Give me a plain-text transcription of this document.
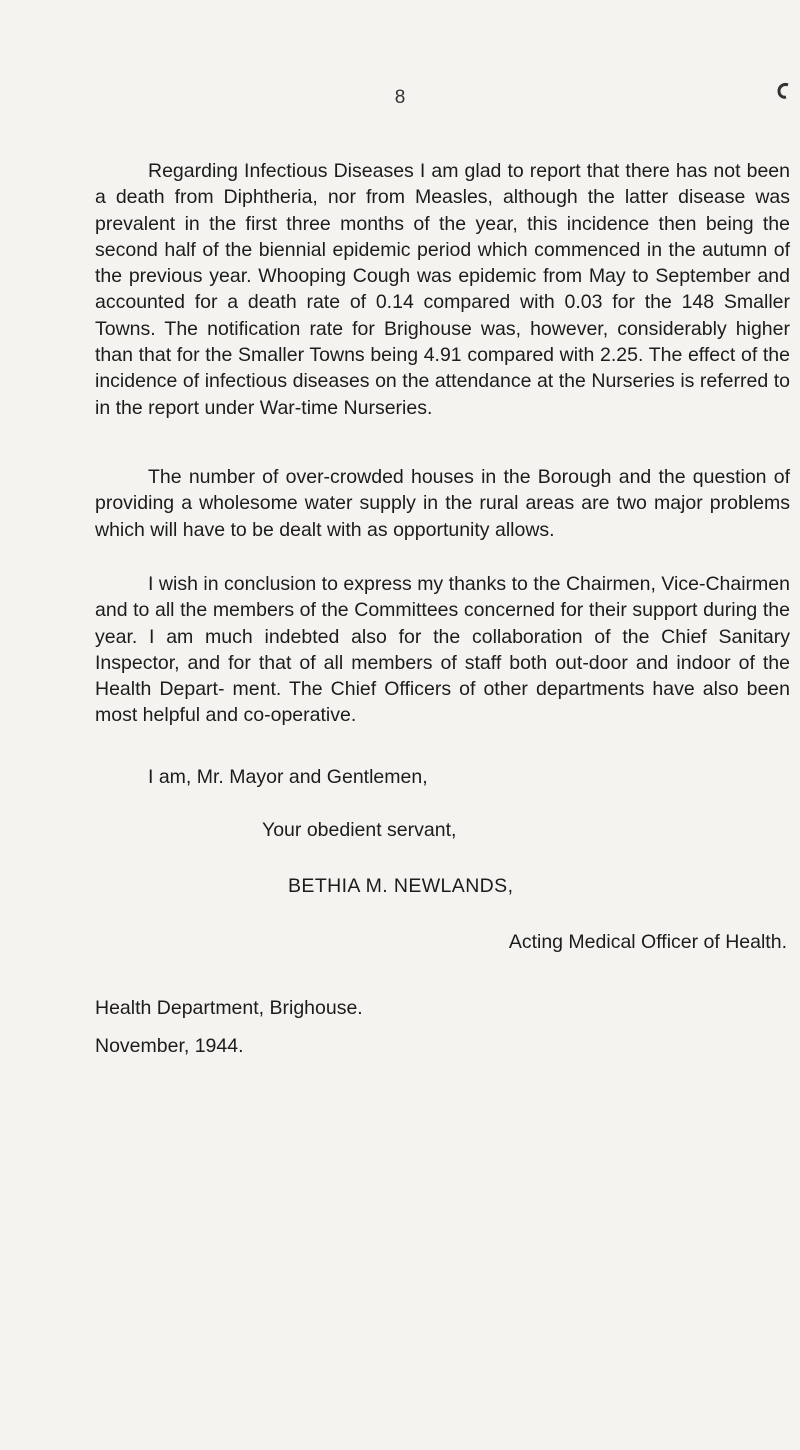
8

Regarding Infectious Diseases I am glad to report that there has not been a death from Diphtheria, nor from Measles, although the latter disease was prevalent in the first three months of the year, this incidence then being the second half of the biennial epidemic period which commenced in the autumn of the previous year. Whooping Cough was epidemic from May to September and accounted for a death rate of 0.14 compared with 0.03 for the 148 Smaller Towns. The notification rate for Brighouse was, however, considerably higher than that for the Smaller Towns being 4.91 compared with 2.25. The effect of the incidence of infectious diseases on the attendance at the Nurseries is referred to in the report under War-time Nurseries.

The number of over-crowded houses in the Borough and the question of providing a wholesome water supply in the rural areas are two major problems which will have to be dealt with as opportunity allows.

I wish in conclusion to express my thanks to the Chairmen, Vice-Chairmen and to all the members of the Committees concerned for their support during the year. I am much indebted also for the collaboration of the Chief Sanitary Inspector, and for that of all members of staff both out-door and indoor of the Health Depart- ment. The Chief Officers of other departments have also been most helpful and co-operative.

I am, Mr. Mayor and Gentlemen,

Your obedient servant,

BETHIA M. NEWLANDS,

Acting Medical Officer of Health.

Health Department, Brighouse.

November, 1944.
